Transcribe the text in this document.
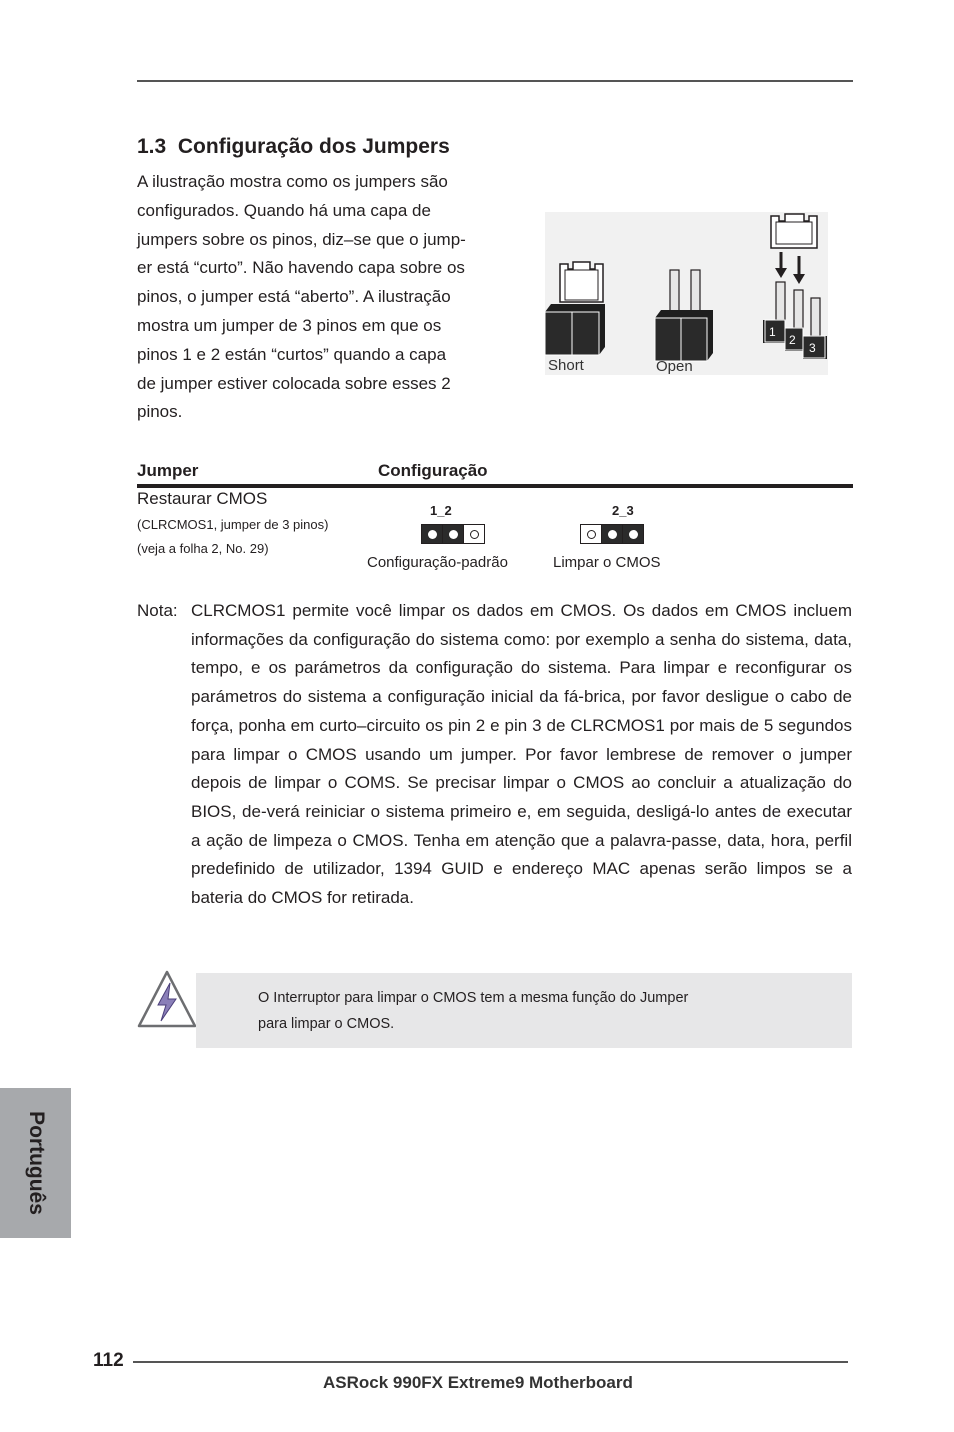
1.3 Configuração dos Jumpers
A ilustração mostra como os jumpers são
configurados. Quando há uma capa de
jumpers sobre os pinos, diz–se que o jump-
er está “curto”. Não havendo capa sobre os
pinos, o jumper está “aberto”. A ilustração
mostra um jumper de 3 pinos em que os
pinos 1 e 2 están “curtos” quando a capa
de jumper estiver colocada sobre esses 2
pinos.
1
2
3
Short	Open
Jumper	Configuração
Restaurar CMOS
(CLRCMOS1, jumper de 3 pinos)
(veja a folha 2, No. 29)
1_2
Configuração-padrão
2_3
Limpar o CMOS
Nota: CLRCMOS1 permite você limpar os dados em CMOS. Os dados em CMOS incluem informações da configuração do sistema como: por exemplo a senha do sistema, data, tempo, e os parámetros da configuração do sistema. Para limpar e reconfigurar os parámetros do sistema a configuração inicial da fá-brica, por favor desligue o cabo de força, ponha em curto–circuito os pin 2 e pin 3 de CLRCMOS1 por mais de 5 segundos para limpar o CMOS usando um jumper. Por favor lembrese de remover o jumper depois de limpar o COMS. Se precisar limpar o CMOS ao concluir a atualização do BIOS, de-verá reiniciar o sistema primeiro e, em seguida, desligá-lo antes de executar a ação de limpeza o CMOS. Tenha em atenção que a palavra-passe, data, hora, perfil predefinido de utilizador, 1394 GUID e endereço MAC apenas serão limpos se a bateria do CMOS for retirada.
O Interruptor para limpar o CMOS tem a mesma função do Jumper
para limpar o CMOS.
Português
112
ASRock 990FX Extreme9 Motherboard
